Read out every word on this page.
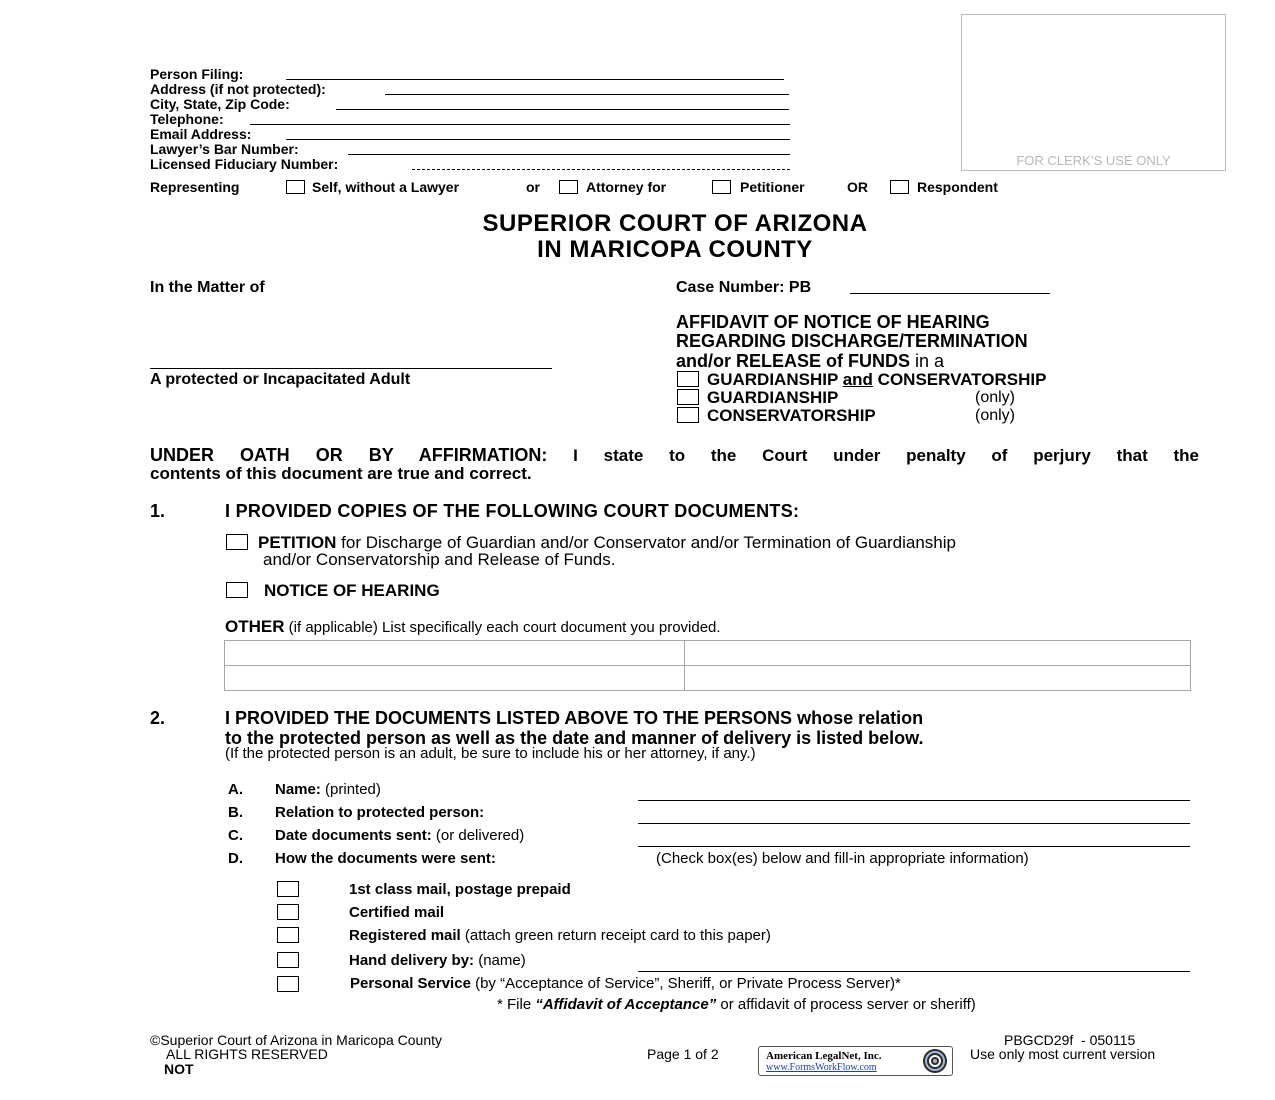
Person Filing:
Address (if not protected):
City, State, Zip Code:
Telephone:
Email Address:
Lawyer’s Bar Number:
Licensed Fiduciary Number:	FOR CLERK’S USE ONLY
Representing	Self, without a Lawyer	or	Attorney for	Petitioner	OR	Respondent
SUPERIOR COURT OF ARIZONA
IN MARICOPA COUNTY
In the Matter of
A protected or Incapacitated Adult
Case Number: PB
AFFIDAVIT OF NOTICE OF HEARING
REGARDING DISCHARGE/TERMINATION
and/or RELEASE of FUNDS in a
GUARDIANSHIP and CONSERVATORSHIP
GUARDIANSHIP	(only)
CONSERVATORSHIP	(only)
UNDER OATH OR BY AFFIRMATION: I state to the Court under penalty of perjury that the
contents of this document are true and correct.
1.	I PROVIDED COPIES OF THE FOLLOWING COURT DOCUMENTS:
PETITION for Discharge of Guardian and/or Conservator and/or Termination of Guardianship
and/or Conservatorship and Release of Funds.
NOTICE OF HEARING
OTHER (if applicable) List specifically each court document you provided.
2.	I PROVIDED THE DOCUMENTS LISTED ABOVE TO THE PERSONS whose relation
to the protected person as well as the date and manner of delivery is listed below.
(If the protected person is an adult, be sure to include his or her attorney, if any.)
A. Name: (printed)
B. Relation to protected person:
C. Date documents sent: (or delivered)
D. How the documents were sent:	(Check box(es) below and fill-in appropriate information)
1st class mail, postage prepaid
Certified mail
Registered mail (attach green return receipt card to this paper)
Hand delivery by: (name)
Personal Service (by “Acceptance of Service”, Sheriff, or Private Process Server)*
* File “Affidavit of Acceptance” or affidavit of process server or sheriff)
©Superior Court of Arizona in Maricopa County
ALL RIGHTS RESERVED
NOT
Page 1 of 2
PBGCD29f  - 050115
Use only most current version
American LegalNet, Inc.
www.FormsWorkFlow.com
